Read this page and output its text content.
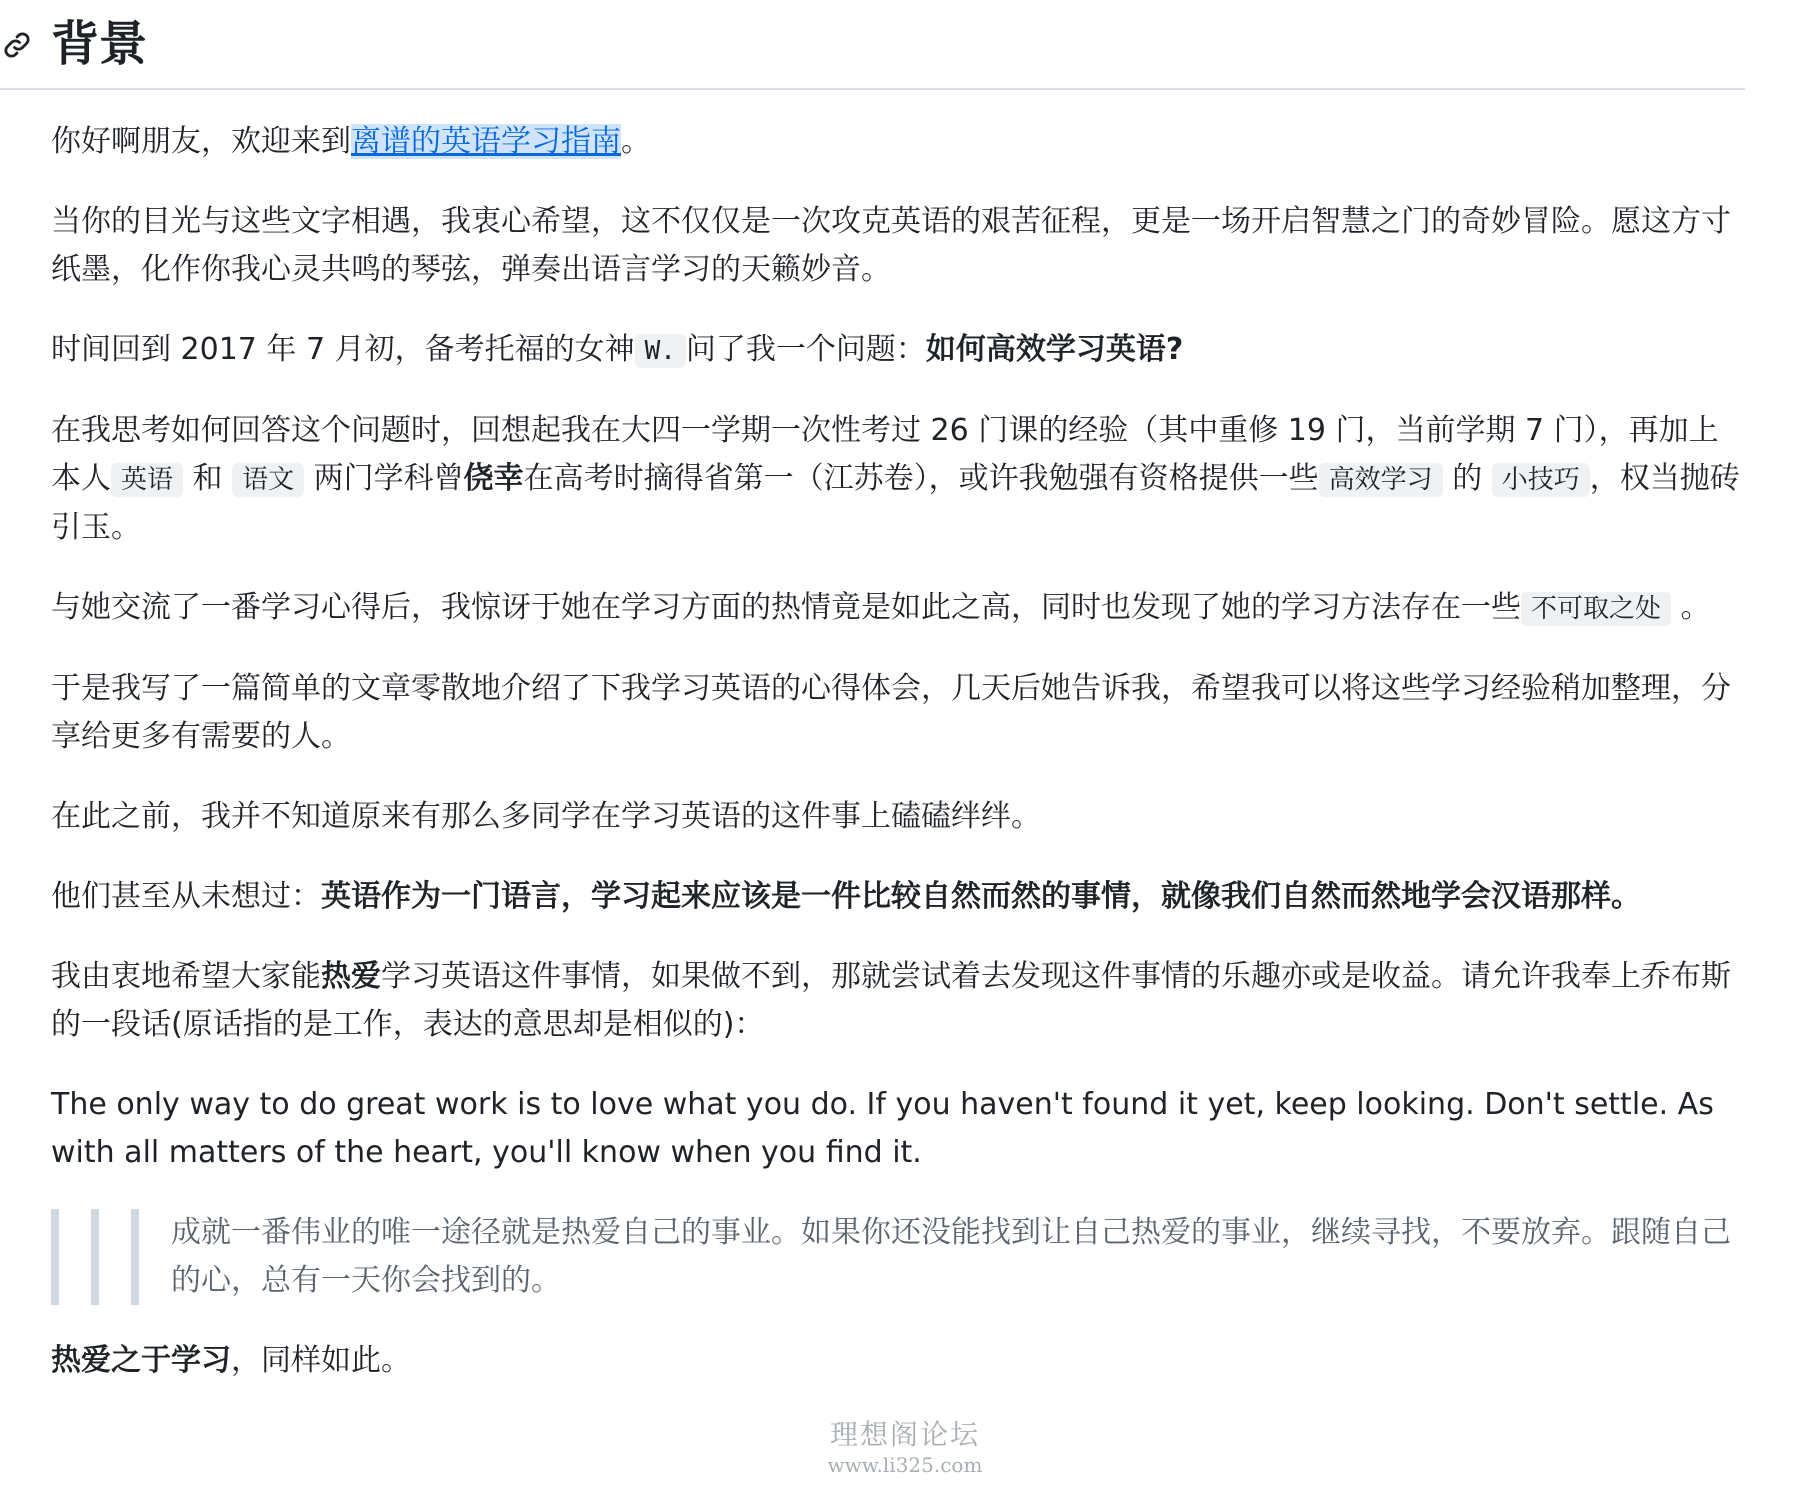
背景

你好啊朋友，欢迎来到离谱的英语学习指南。

当你的目光与这些文字相遇，我衷心希望，这不仅仅是一次攻克英语的艰苦征程，更是一场开启智慧之门的奇妙冒险。愿这方寸纸墨，化作你我心灵共鸣的琴弦，弹奏出语言学习的天籁妙音。

时间回到 2017 年 7 月初，备考托福的女神 W. 问了我一个问题：如何高效学习英语?

在我思考如何回答这个问题时，回想起我在大四一学期一次性考过 26 门课的经验（其中重修 19 门，当前学期 7 门），再加上本人 英语 和 语文 两门学科曾侥幸在高考时摘得省第一（江苏卷），或许我勉强有资格提供一些 高效学习 的 小技巧 ，权当抛砖引玉。

与她交流了一番学习心得后，我惊讶于她在学习方面的热情竟是如此之高，同时也发现了她的学习方法存在一些 不可取之处 。

于是我写了一篇简单的文章零散地介绍了下我学习英语的心得体会，几天后她告诉我，希望我可以将这些学习经验稍加整理，分享给更多有需要的人。

在此之前，我并不知道原来有那么多同学在学习英语的这件事上磕磕绊绊。

他们甚至从未想过：英语作为一门语言，学习起来应该是一件比较自然而然的事情，就像我们自然而然地学会汉语那样。

我由衷地希望大家能热爱学习英语这件事情，如果做不到，那就尝试着去发现这件事情的乐趣亦或是收益。请允许我奉上乔布斯的一段话(原话指的是工作，表达的意思却是相似的)：

The only way to do great work is to love what you do. If you haven't found it yet, keep looking. Don't settle. As with all matters of the heart, you'll know when you find it.

成就一番伟业的唯一途径就是热爱自己的事业。如果你还没能找到让自己热爱的事业，继续寻找，不要放弃。跟随自己的心，总有一天你会找到的。

热爱之于学习，同样如此。

理想阁论坛
www.li325.com
